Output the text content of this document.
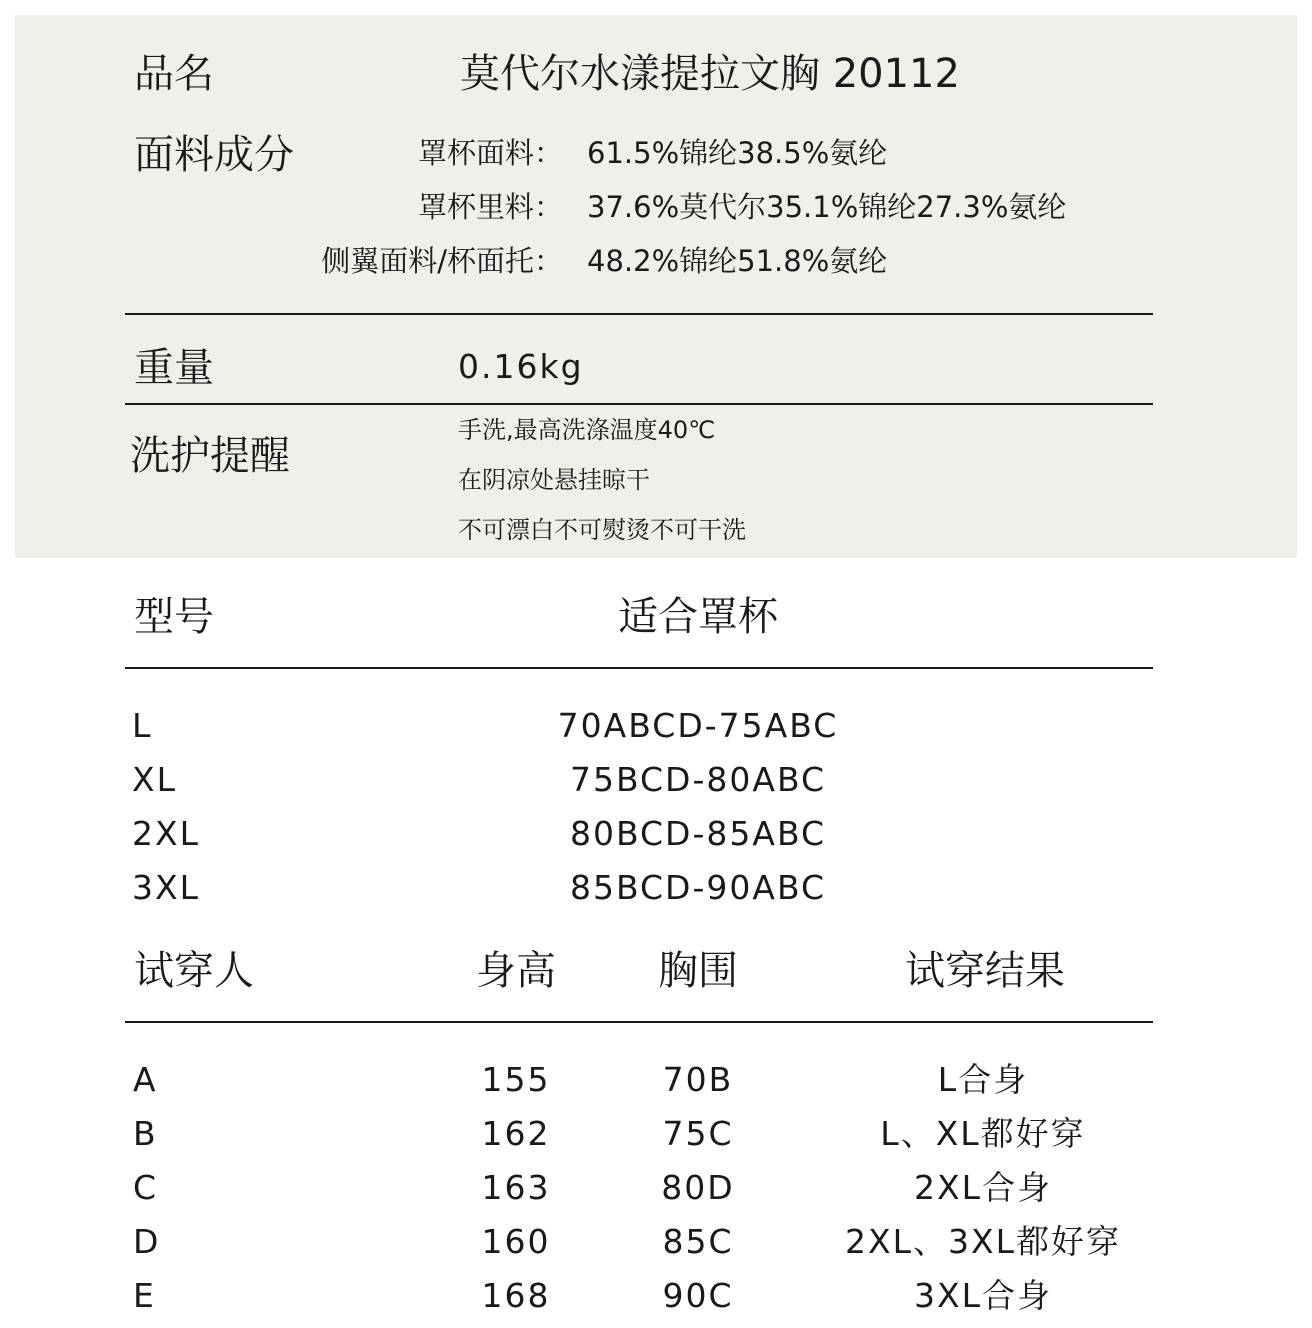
品名	莫代尔水漾提拉文胸 20112
面料成分	罩杯面料： 61.5%锦纶38.5%氨纶
罩杯里料： 37.6%莫代尔35.1%锦纶27.3%氨纶
侧翼面料/杯面托： 48.2%锦纶51.8%氨纶
重量	0.16kg
洗护提醒
手洗,最高洗涤温度40℃
在阴凉处悬挂晾干
不可漂白不可熨烫不可干洗
型号	适合罩杯
L	70ABCD-75ABC
XL	75BCD-80ABC
2XL	80BCD-85ABC
3XL	85BCD-90ABC
试穿人	身高	胸围	试穿结果
A	155	70B	L合身
B	162	75C	L、XL都好穿
C	163	80D	2XL合身
D	160	85C	2XL、3XL都好穿
E	168	90C	3XL合身
